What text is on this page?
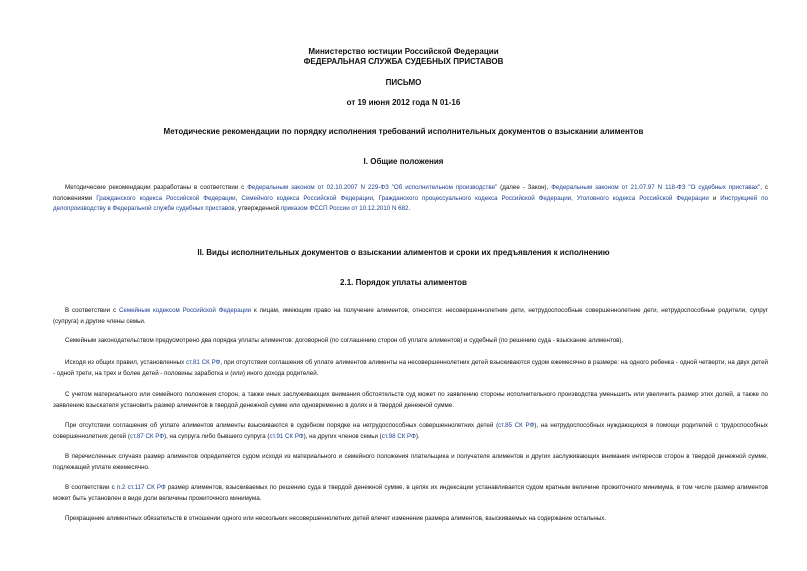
Министерство юстиции Российской Федерации
ФЕДЕРАЛЬНАЯ СЛУЖБА СУДЕБНЫХ ПРИСТАВОВ
ПИСЬМО
от 19 июня 2012 года N 01-16
Методические рекомендации по порядку исполнения требований исполнительных документов о взыскании алиментов
I. Общие положения
Методические рекомендации разработаны в соответствии с Федеральным законом от 02.10.2007 N 229-ФЗ "Об исполнительном производстве" (далее - Закон), Федеральным законом от 21.07.97 N 118-ФЗ "О судебных приставах", с положениями Гражданского кодекса Российской Федерации, Семейного кодекса Российской Федерации, Гражданского процессуального кодекса Российской Федерации, Уголовного кодекса Российской Федерации и Инструкцией по делопроизводству в Федеральной службе судебных приставов, утвержденной приказом ФССП России от 10.12.2010 N 682.
II. Виды исполнительных документов о взыскании алиментов и сроки их предъявления к исполнению
2.1. Порядок уплаты алиментов
В соответствии с Семейным кодексом Российской Федерации к лицам, имеющим право на получение алиментов, относятся: несовершеннолетние дети, нетрудоспособные совершеннолетние дети, нетрудоспособные родители, супруг (супруга) и другие члены семьи.
Семейным законодательством предусмотрено два порядка уплаты алиментов: договорной (по соглашению сторон об уплате алиментов) и судебный (по решению суда - взыскание алиментов).
Исходя из общих правил, установленных ст.81 СК РФ, при отсутствии соглашения об уплате алиментов алименты на несовершеннолетних детей взыскиваются судом ежемесячно в размере: на одного ребенка - одной четверти, на двух детей - одной трети, на трех и более детей - половины заработка и (или) иного дохода родителей.
С учетом материального или семейного положения сторон, а также иных заслуживающих внимания обстоятельств суд может по заявлению стороны исполнительного производства уменьшить или увеличить размер этих долей, а также по заявлению взыскателя установить размер алиментов в твердой денежной сумме или одновременно в долях и в твердой денежной сумме.
При отсутствии соглашения об уплате алиментов алименты взыскиваются в судебном порядке на нетрудоспособных совершеннолетних детей (ст.85 СК РФ), на нетрудоспособных нуждающихся в помощи родителей с трудоспособных совершеннолетних детей (ст.87 СК РФ), на супруга либо бывшего супруга (ст.91 СК РФ), на других членов семьи (ст.98 СК РФ).
В перечисленных случаях размер алиментов определяется судом исходя из материального и семейного положения плательщика и получателя алиментов и других заслуживающих внимания интересов сторон в твердой денежной сумме, подлежащей уплате ежемесячно.
В соответствии с п.2 ст.117 СК РФ размер алиментов, взыскиваемых по решению суда в твердой денежной сумме, в целях их индексации устанавливается судом кратным величине прожиточного минимума, в том числе размер алиментов может быть установлен в виде доли величины прожиточного минимума.
Прекращение алиментных обязательств в отношении одного или нескольких несовершеннолетних детей влечет изменение размера алиментов, взыскиваемых на содержание остальных.
